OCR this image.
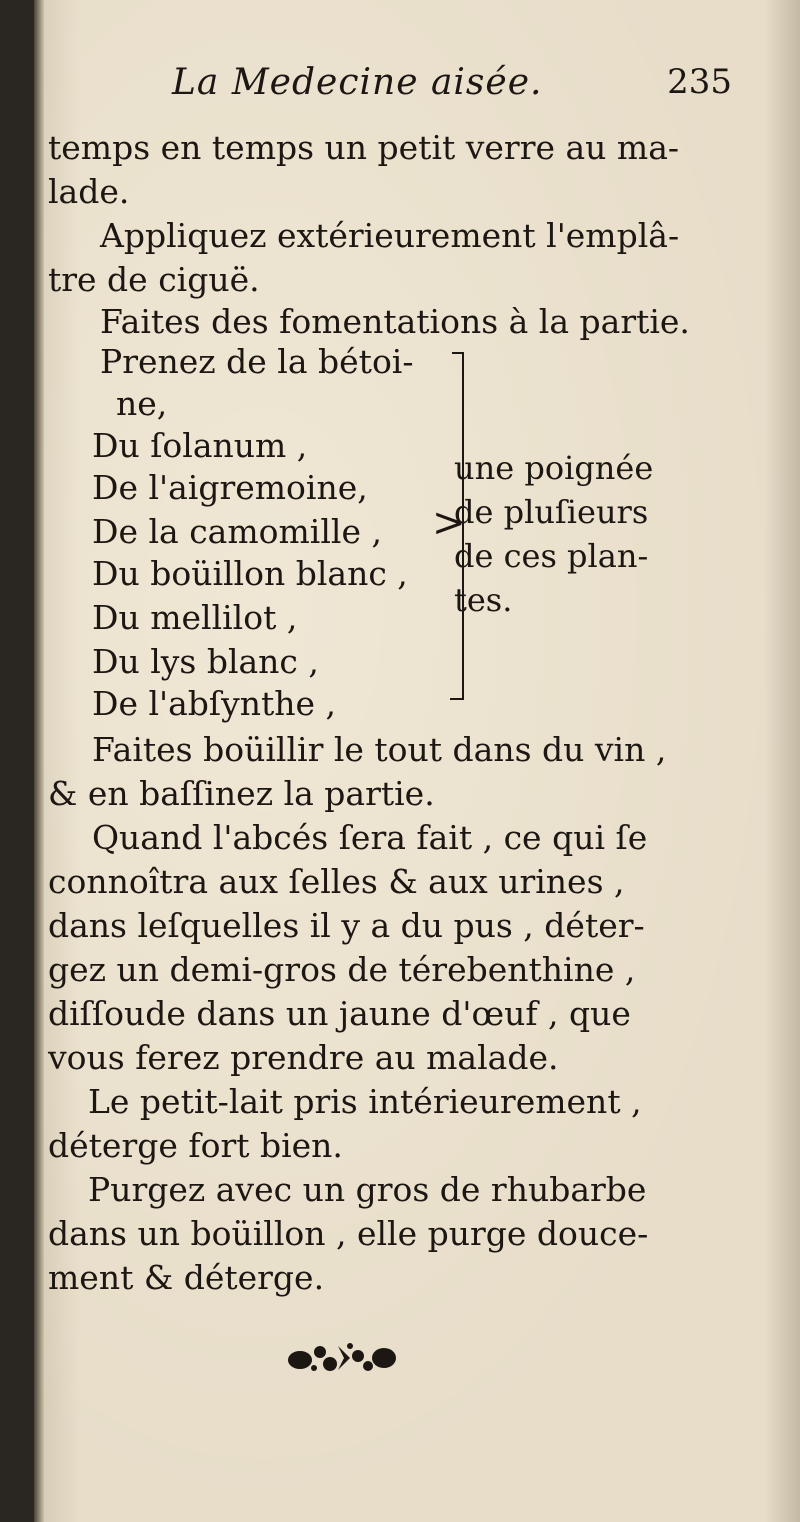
La Medecine aisée.	235
temps en temps un petit verre au ma-
lade.
Appliquez extérieurement l'emplâ-
tre de ciguë.
Faites des fomentations à la partie.
Prenez de la bétoi-
ne,
Du ſolanum ,
De l'aigremoine,
De la camomille ,
Du boüillon blanc ,
Du mellilot ,
Du lys blanc ,
De l'abſynthe ,
>
une poignée
de pluſieurs
de ces plan-
tes.
Faites boüillir le tout dans du vin ,
& en baſſinez la partie.
Quand l'abcés ſera fait , ce qui ſe
connoîtra aux ſelles & aux urines ,
dans leſquelles il y a du pus , déter-
gez un demi-gros de térebenthine ,
diſſoude dans un jaune d'œuf , que
vous ferez prendre au malade.
Le petit-lait pris intérieurement ,
déterge fort bien.
Purgez avec un gros de rhubarbe
dans un boüillon , elle purge douce-
ment & déterge.
